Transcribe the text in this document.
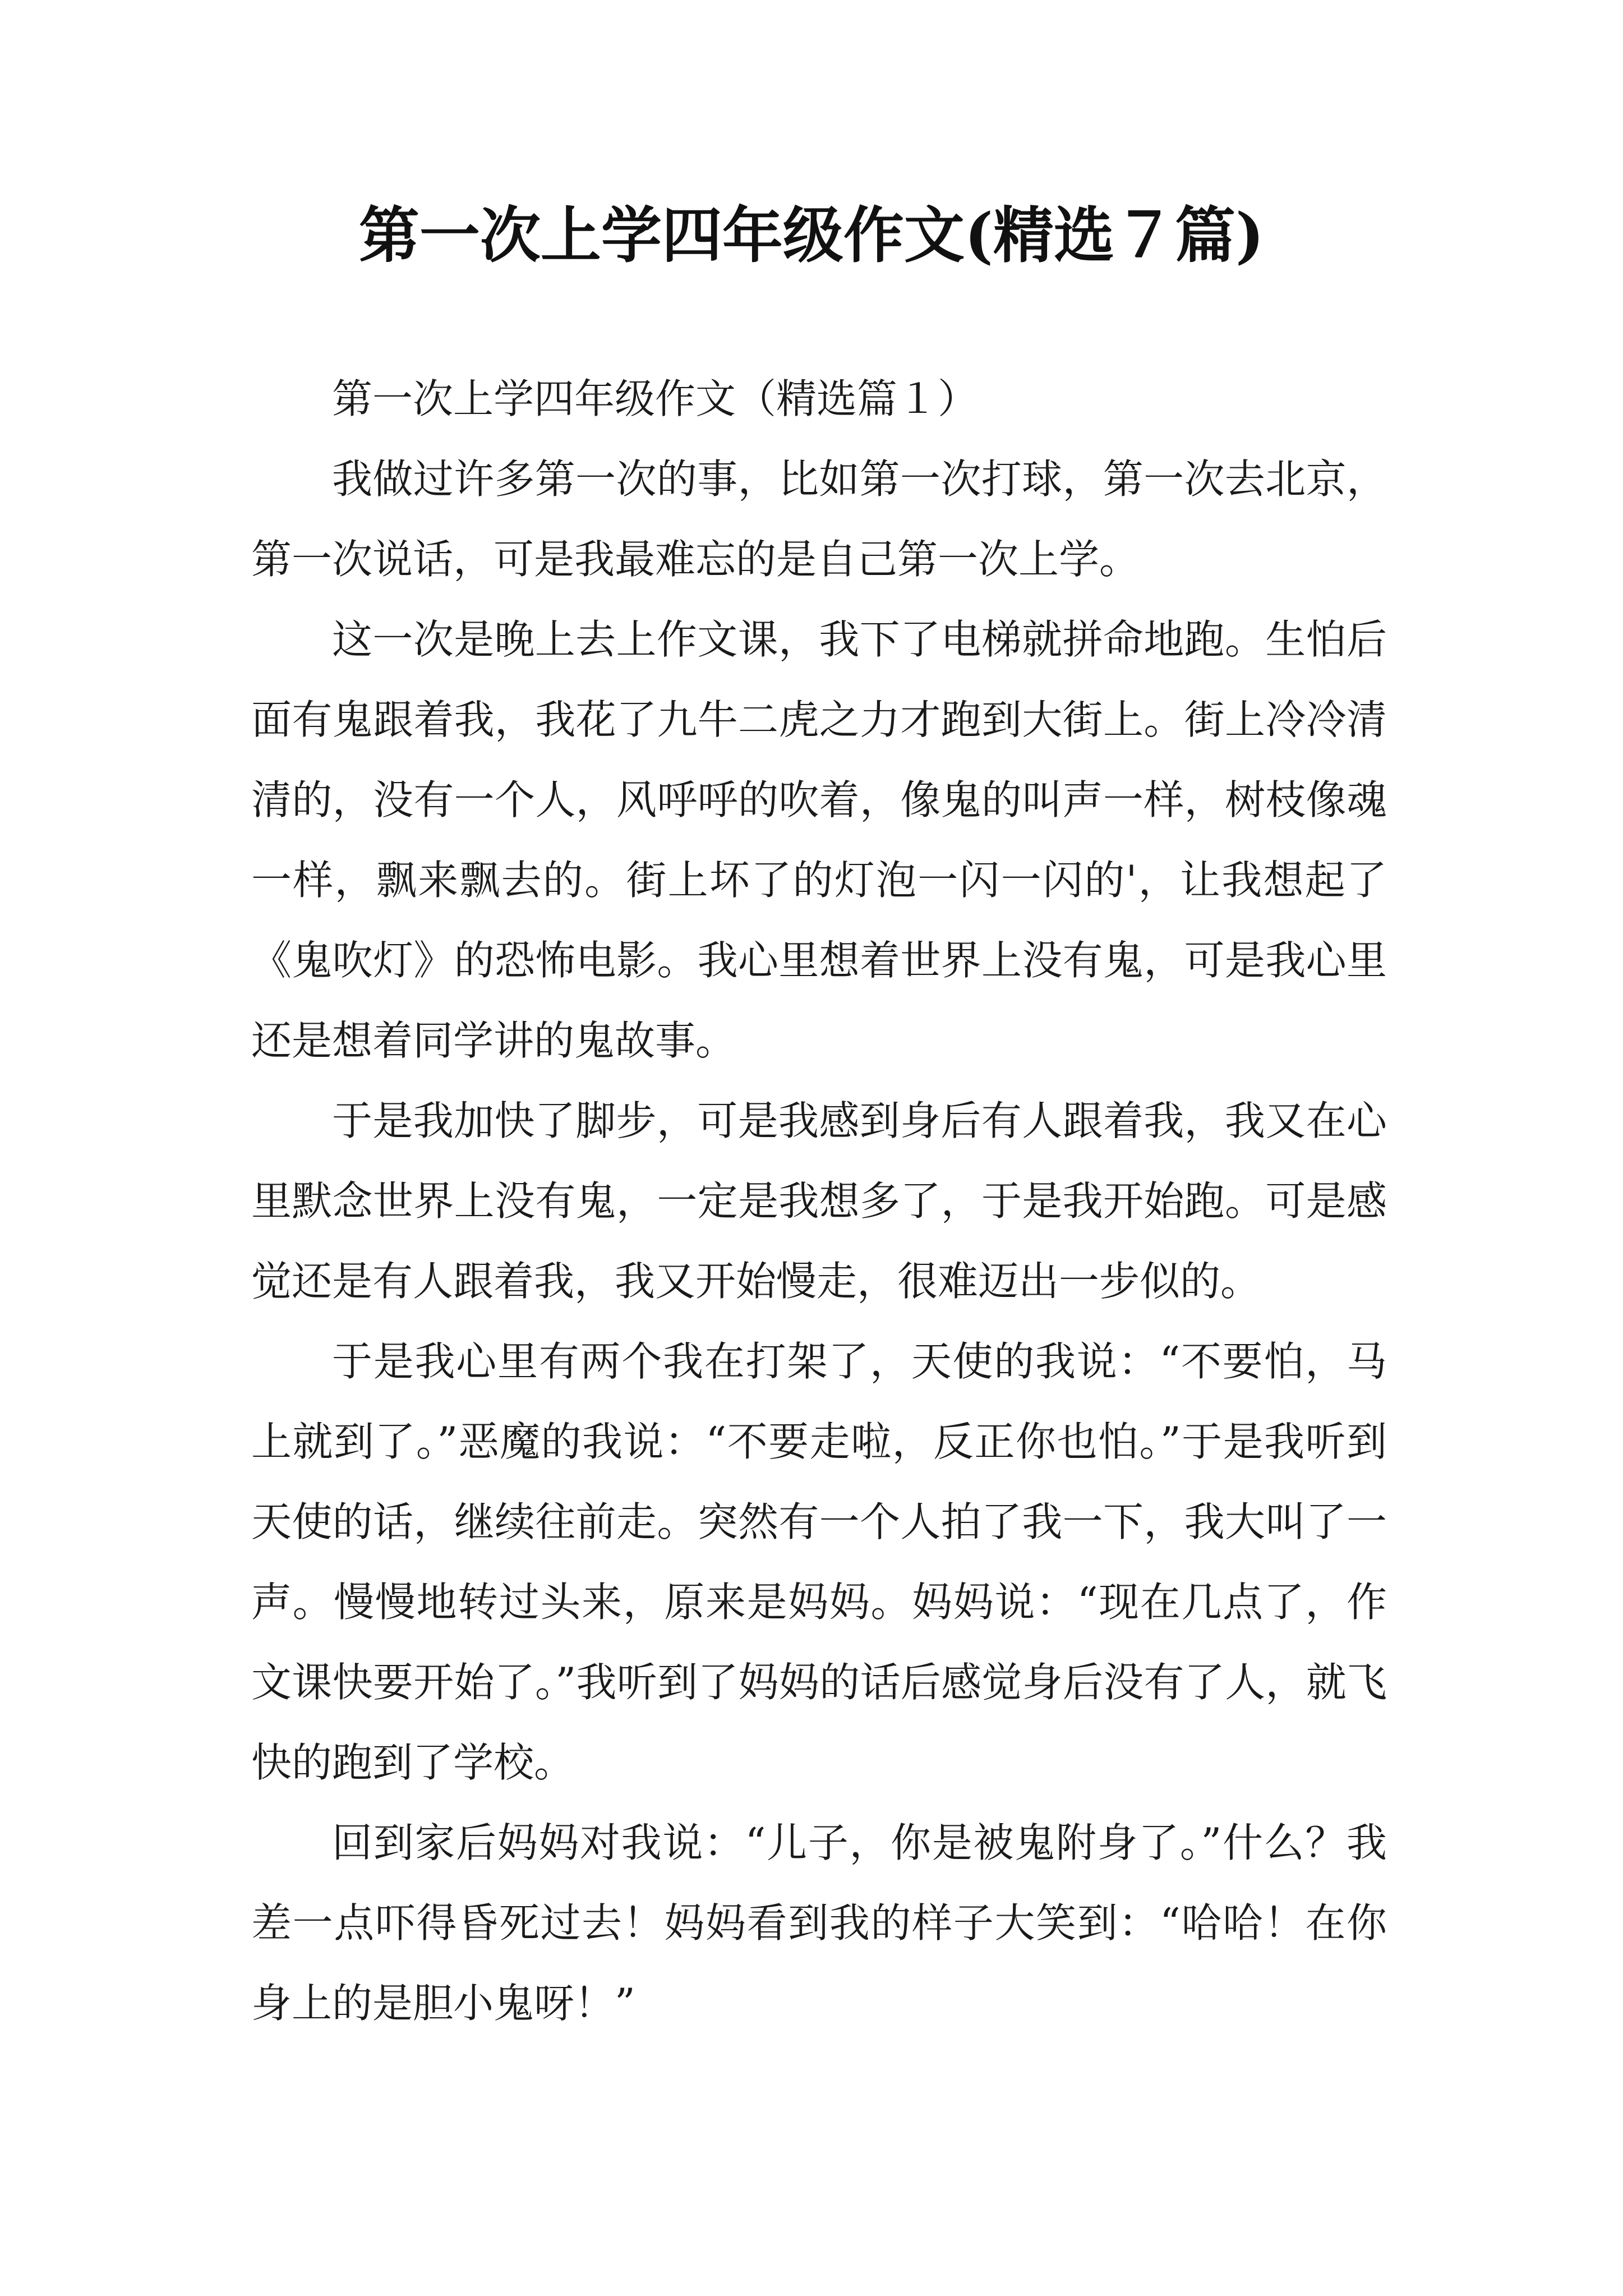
第一次上学四年级作文(精选７篇)

第一次上学四年级作文（精选篇１）

我做过许多第一次的事，比如第一次打球，第一次去北京，第一次说话，可是我最难忘的是自己第一次上学。

这一次是晚上去上作文课，我下了电梯就拼命地跑。生怕后面有鬼跟着我，我花了九牛二虎之力才跑到大街上。街上冷冷清清的，没有一个人，风呼呼的吹着，像鬼的叫声一样，树枝像魂一样，飘来飘去的。街上坏了的灯泡一闪一闪的'，让我想起了《鬼吹灯》的恐怖电影。我心里想着世界上没有鬼，可是我心里还是想着同学讲的鬼故事。

于是我加快了脚步，可是我感到身后有人跟着我，我又在心里默念世界上没有鬼，一定是我想多了，于是我开始跑。可是感觉还是有人跟着我，我又开始慢走，很难迈出一步似的。

于是我心里有两个我在打架了，天使的我说：“不要怕，马上就到了。”恶魔的我说：“不要走啦，反正你也怕。”于是我听到天使的话，继续往前走。突然有一个人拍了我一下，我大叫了一声。慢慢地转过头来，原来是妈妈。妈妈说：“现在几点了，作文课快要开始了。”我听到了妈妈的话后感觉身后没有了人，就飞快的跑到了学校。

回到家后妈妈对我说：“儿子，你是被鬼附身了。”什么？我差一点吓得昏死过去！妈妈看到我的样子大笑到：“哈哈！在你身上的是胆小鬼呀！”
